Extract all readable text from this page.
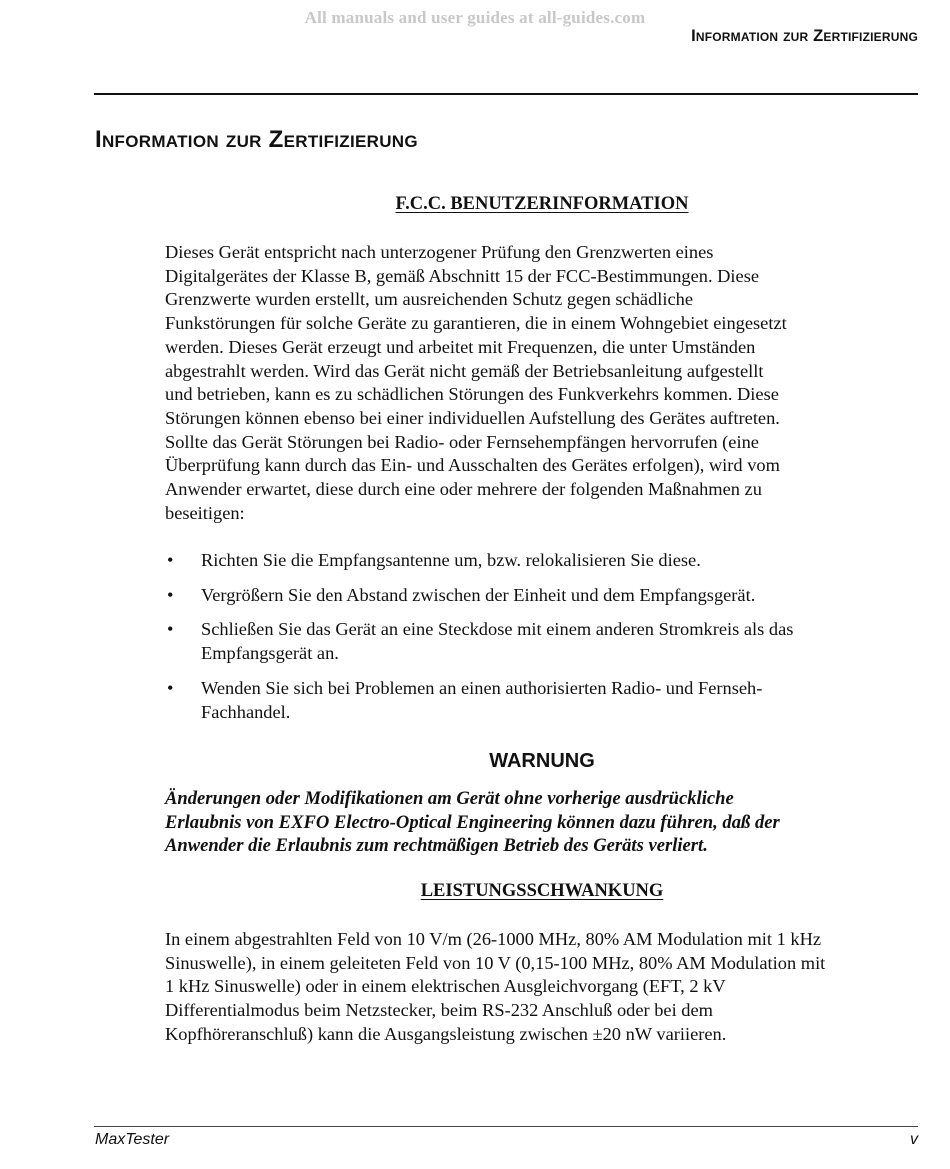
All manuals and user guides at all-guides.com
Information zur Zertifizierung
Information zur Zertifizierung
F.C.C. BENUTZERINFORMATION

Dieses Gerät entspricht nach unterzogener Prüfung den Grenzwerten eines
Digitalgerätes der Klasse B, gemäß Abschnitt 15 der FCC-Bestimmungen. Diese
Grenzwerte wurden erstellt, um ausreichenden Schutz gegen schädliche
Funkstörungen für solche Geräte zu garantieren, die in einem Wohngebiet eingesetzt
werden. Dieses Gerät erzeugt und arbeitet mit Frequenzen, die unter Umständen
abgestrahlt werden. Wird das Gerät nicht gemäß der Betriebsanleitung aufgestellt
und betrieben, kann es zu schädlichen Störungen des Funkverkehrs kommen. Diese
Störungen können ebenso bei einer individuellen Aufstellung des Gerätes auftreten.
Sollte das Gerät Störungen bei Radio- oder Fernsehempfängen hervorrufen (eine
Überprüfung kann durch das Ein- und Ausschalten des Gerätes erfolgen), wird vom
Anwender erwartet, diese durch eine oder mehrere der folgenden Maßnahmen zu
beseitigen:

• Richten Sie die Empfangsantenne um, bzw. relokalisieren Sie diese.
• Vergrößern Sie den Abstand zwischen der Einheit und dem Empfangsgerät.
• Schließen Sie das Gerät an eine Steckdose mit einem anderen Stromkreis als das
Empfangsgerät an.
• Wenden Sie sich bei Problemen an einen authorisierten Radio- und Fernseh-
Fachhandel.
WARNUNG

Änderungen oder Modifikationen am Gerät ohne vorherige ausdrückliche
Erlaubnis von EXFO Electro-Optical Engineering können dazu führen, daß der
Anwender die Erlaubnis zum rechtmäßigen Betrieb des Geräts verliert.

LEISTUNGSSCHWANKUNG

In einem abgestrahlten Feld von 10 V/m (26-1000 MHz, 80% AM Modulation mit 1 kHz
Sinuswelle), in einem geleiteten Feld von 10 V (0,15-100 MHz, 80% AM Modulation mit
1 kHz Sinuswelle) oder in einem elektrischen Ausgleichvorgang (EFT, 2 kV
Differentialmodus beim Netzstecker, beim RS-232 Anschluß oder bei dem
Kopfhöreranschluß) kann die Ausgangsleistung zwischen ±20 nW variieren.

MaxTester	v
